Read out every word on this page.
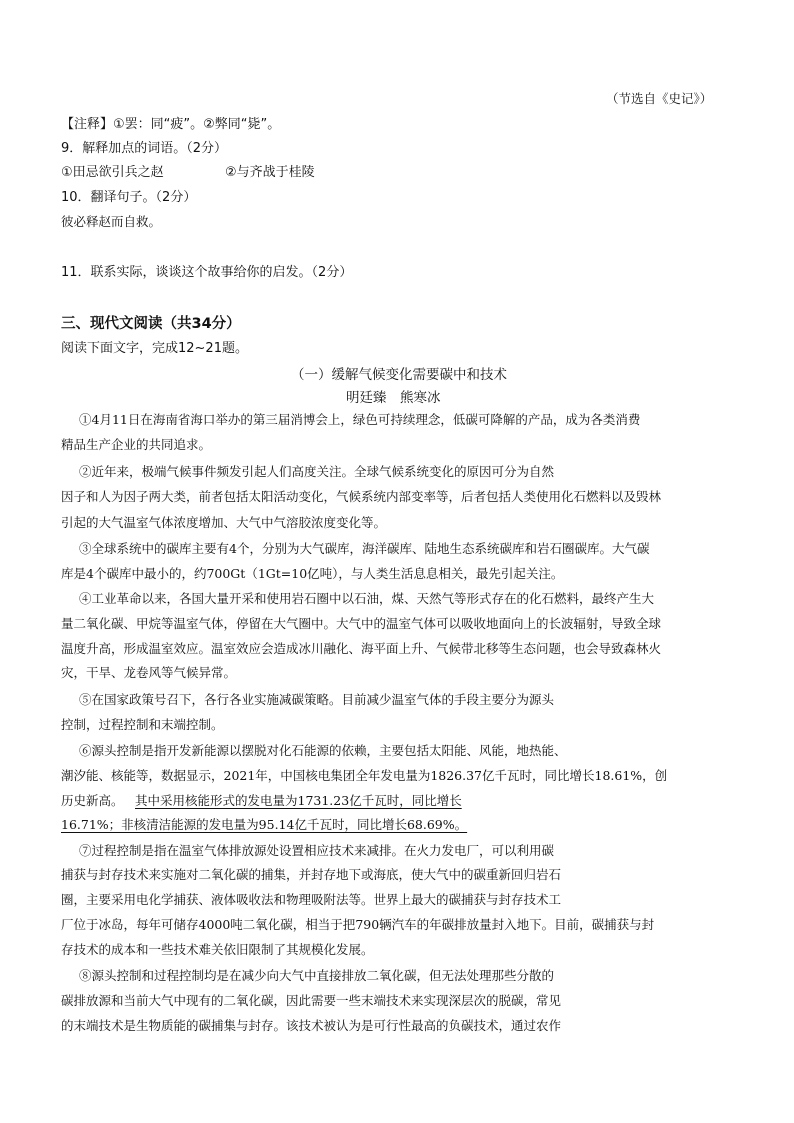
（节选自《史记》）
【注释】①罢：同“疲”。②弊同“毙”。
9．解释加点的词语。（2分）
①田忌欲引兵之赵	②与齐战于桂陵
10．翻译句子。（2分）
彼必释赵而自救。
11．联系实际，谈谈这个故事给你的启发。（2分）
三、现代文阅读（共34分）
阅读下面文字，完成12~21题。
（一）缓解气候变化需要碳中和技术
明廷臻　熊寒冰
①4月11日在海南省海口举办的第三届消博会上，绿色可持续理念，低碳可降解的产品，成为各类消费
精品生产企业的共同追求。
②近年来，极端气候事件频发引起人们高度关注。全球气候系统变化的原因可分为自然
因子和人为因子两大类，前者包括太阳活动变化，气候系统内部变率等，后者包括人类使用化石燃料以及毁林
引起的大气温室气体浓度增加、大气中气溶胶浓度变化等。
③全球系统中的碳库主要有4个，分别为大气碳库，海洋碳库、陆地生态系统碳库和岩石圈碳库。大气碳
库是4个碳库中最小的，约700Gt（1Gt=10亿吨），与人类生活息息相关，最先引起关注。
④工业革命以来，各国大量开采和使用岩石圈中以石油，煤、天然气等形式存在的化石燃料，最终产生大
量二氧化碳、甲烷等温室气体，停留在大气圈中。大气中的温室气体可以吸收地面向上的长波辐射，导致全球
温度升高，形成温室效应。温室效应会造成冰川融化、海平面上升、气候带北移等生态问题，也会导致森林火
灾，干旱、龙卷风等气候异常。
⑤在国家政策号召下，各行各业实施减碳策略。目前减少温室气体的手段主要分为源头
控制，过程控制和末端控制。
⑥源头控制是指开发新能源以摆脱对化石能源的依赖，主要包括太阳能、风能，地热能、
潮汐能、核能等，数据显示，2021年，中国核电集团全年发电量为1826.37亿千瓦时，同比增长18.61%，创
历史新高。 其中采用核能形式的发电量为1731.23亿千瓦时，同比增长
16.71%；非核清洁能源的发电量为95.14亿千瓦时，同比增长68.69%。
⑦过程控制是指在温室气体排放源处设置相应技术来减排。在火力发电厂，可以利用碳
捕获与封存技术来实施对二氧化碳的捕集，并封存地下或海底，使大气中的碳重新回归岩石
圈，主要采用电化学捕获、液体吸收法和物理吸附法等。世界上最大的碳捕获与封存技术工
厂位于冰岛，每年可储存4000吨二氧化碳，相当于把790辆汽车的年碳排放量封入地下。目前，碳捕获与封
存技术的成本和一些技术难关依旧限制了其规模化发展。
⑧源头控制和过程控制均是在减少向大气中直接排放二氧化碳，但无法处理那些分散的
碳排放源和当前大气中现有的二氧化碳，因此需要一些末端技术来实现深层次的脱碳，常见
的末端技术是生物质能的碳捕集与封存。该技术被认为是可行性最高的负碳技术，通过农作
